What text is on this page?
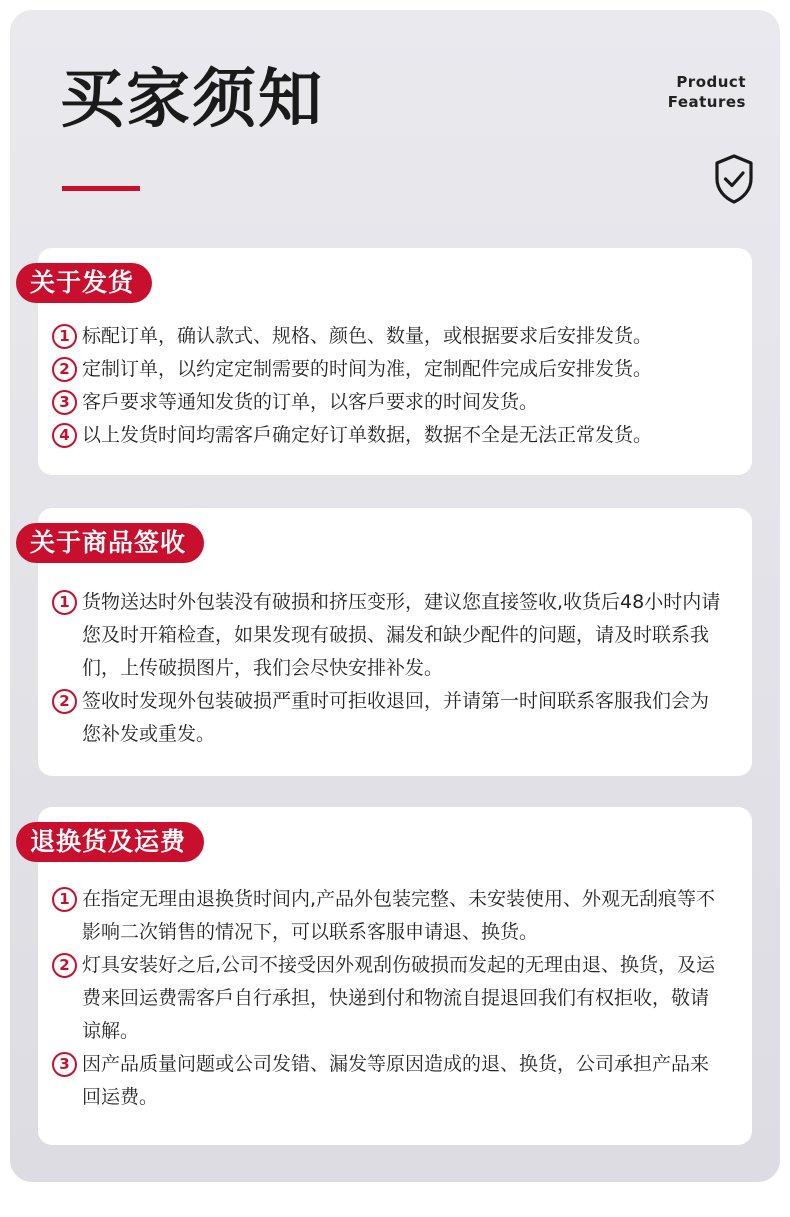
买家须知	Product
Features
关于发货
1 标配订单，确认款式、规格、颜色、数量，或根据要求后安排发货。
2 定制订单，以约定定制需要的时间为准，定制配件完成后安排发货。
3 客戶要求等通知发货的订单，以客戶要求的时间发货。
4 以上发货时间均需客戶确定好订单数据，数据不全是无法正常发货。
关于商品签收
1 货物送达时外包装没有破损和挤压变形，建议您直接签收,收货后48小时内请您及时开箱检查，如果发现有破损、漏发和缺少配件的问题，请及时联系我们，上传破损图片，我们会尽快安排补发。
2 签收时发现外包装破损严重时可拒收退回，并请第一时间联系客服我们会为您补发或重发。
退换货及运费
1 在指定无理由退换货时间内,产品外包装完整、未安装使用、外观无刮痕等不影响二次销售的情况下，可以联系客服申请退、换货。
2 灯具安装好之后,公司不接受因外观刮伤破损而发起的无理由退、换货，及运费来回运费需客戶自行承担，快递到付和物流自提退回我们有权拒收，敬请谅解。
3 因产品质量问题或公司发错、漏发等原因造成的退、换货，公司承担产品来回运费。
